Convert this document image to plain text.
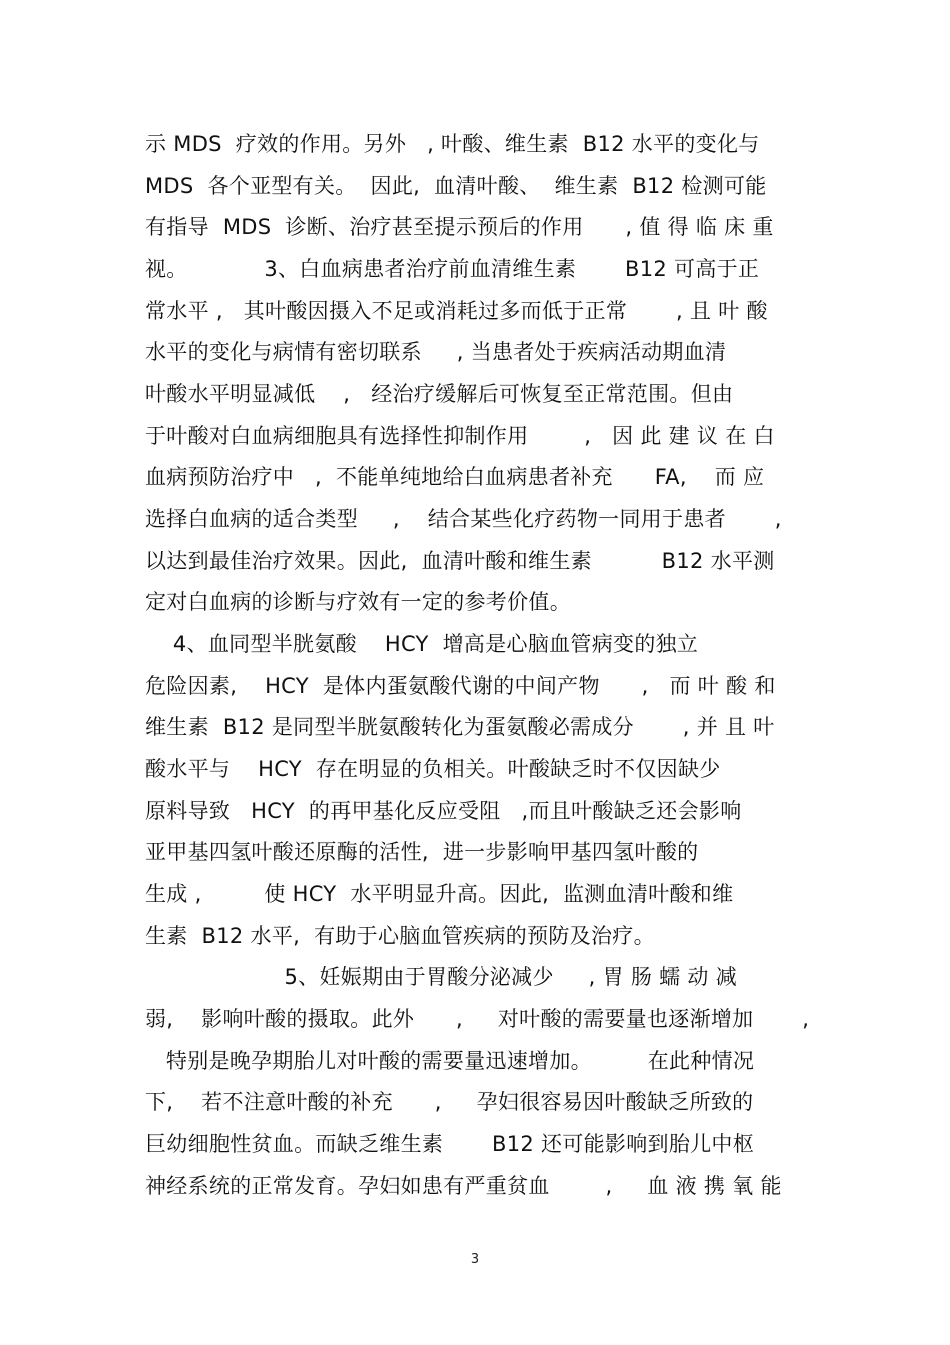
示 MDS  疗效的作用。另外   , 叶酸、维生素  B12 水平的变化与
MDS  各个亚型有关。  因此,  血清叶酸、  维生素  B12 检测可能
有指导  MDS  诊断、治疗甚至提示预后的作用      , 值 得 临 床 重
视。           3、白血病患者治疗前血清维生素       B12 可高于正
常水平 ,   其叶酸因摄入不足或消耗过多而低于正常       , 且 叶 酸
水平的变化与病情有密切联系     , 当患者处于疾病活动期血清
叶酸水平明显减低    ,   经治疗缓解后可恢复至正常范围。但由
于叶酸对白血病细胞具有选择性抑制作用        ,   因 此 建 议 在 白
血病预防治疗中   ,  不能单纯地给白血病患者补充      FA,    而 应
选择白血病的适合类型     ,    结合某些化疗药物一同用于患者       ,
以达到最佳治疗效果。因此,  血清叶酸和维生素          B12 水平测
定对白血病的诊断与疗效有一定的参考价值。
4、血同型半胱氨酸    HCY  增高是心脑血管病变的独立
危险因素,    HCY  是体内蛋氨酸代谢的中间产物      ,   而 叶 酸 和
维生素  B12 是同型半胱氨酸转化为蛋氨酸必需成分       , 并 且 叶
酸水平与    HCY  存在明显的负相关。叶酸缺乏时不仅因缺少
原料导致   HCY  的再甲基化反应受阻   ,而且叶酸缺乏还会影响
亚甲基四氢叶酸还原酶的活性,  进一步影响甲基四氢叶酸的
生成 ,         使 HCY  水平明显升高。因此,  监测血清叶酸和维
生素  B12 水平,  有助于心脑血管疾病的预防及治疗。
5、妊娠期由于胃酸分泌减少     , 胃 肠 蠕 动 减
弱,    影响叶酸的摄取。此外      ,     对叶酸的需要量也逐渐增加       ,
特别是晚孕期胎儿对叶酸的需要量迅速增加。        在此种情况
下,    若不注意叶酸的补充      ,     孕妇很容易因叶酸缺乏所致的
巨幼细胞性贫血。而缺乏维生素       B12 还可能影响到胎儿中枢
神经系统的正常发育。孕妇如患有严重贫血        ,     血 液 携 氧 能
3
